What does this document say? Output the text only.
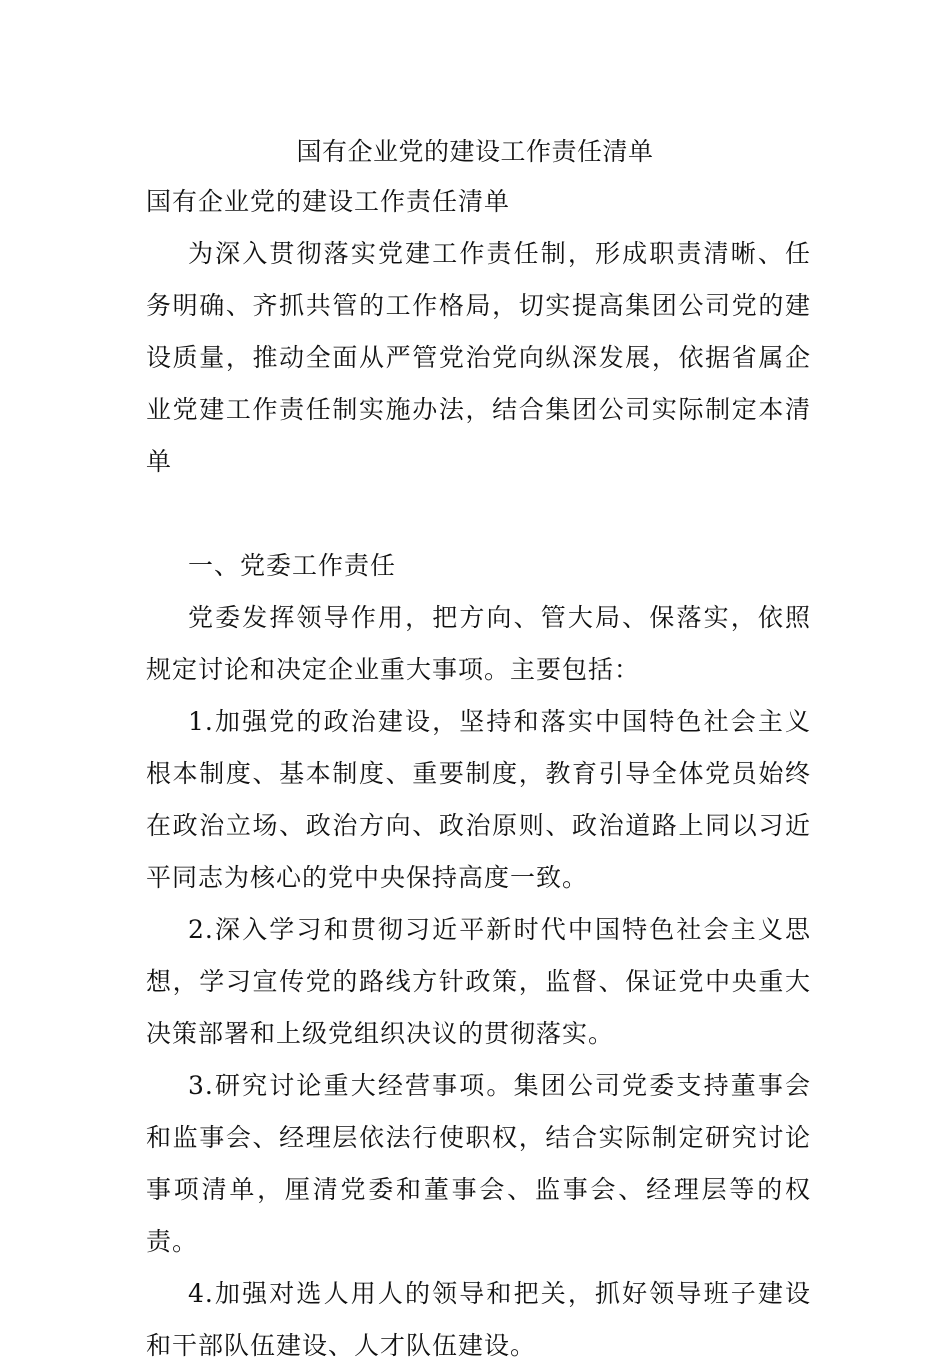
国有企业党的建设工作责任清单

国有企业党的建设工作责任清单

为深入贯彻落实党建工作责任制，形成职责清晰、任务明确、齐抓共管的工作格局，切实提高集团公司党的建设质量，推动全面从严管党治党向纵深发展，依据省属企业党建工作责任制实施办法，结合集团公司实际制定本清单

一、党委工作责任

党委发挥领导作用，把方向、管大局、保落实，依照规定讨论和决定企业重大事项。主要包括：

1.加强党的政治建设，坚持和落实中国特色社会主义根本制度、基本制度、重要制度，教育引导全体党员始终在政治立场、政治方向、政治原则、政治道路上同以习近平同志为核心的党中央保持高度一致。

2.深入学习和贯彻习近平新时代中国特色社会主义思想，学习宣传党的路线方针政策，监督、保证党中央重大决策部署和上级党组织决议的贯彻落实。

3.研究讨论重大经营事项。集团公司党委支持董事会和监事会、经理层依法行使职权，结合实际制定研究讨论事项清单，厘清党委和董事会、监事会、经理层等的权责。

4.加强对选人用人的领导和把关，抓好领导班子建设和干部队伍建设、人才队伍建设。
